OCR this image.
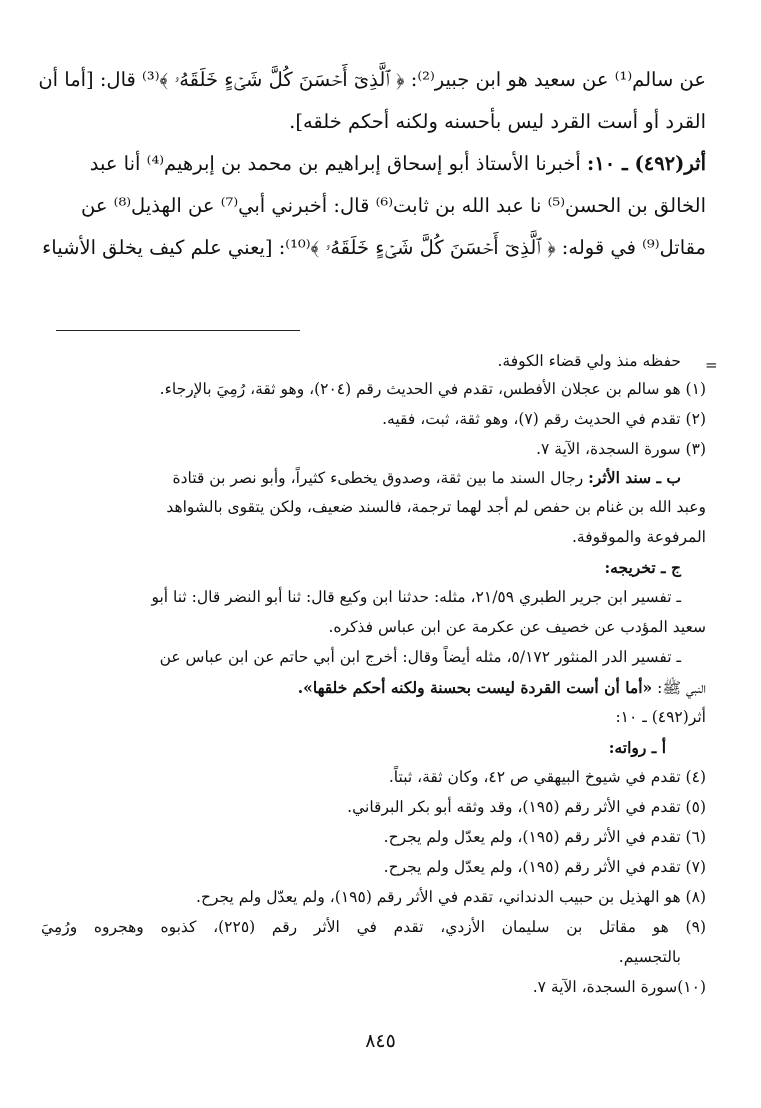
عن سالم⁽¹⁾ عن سعيد هو ابن جبير⁽²⁾: ﴿ ٱلَّذِىٓ أَحۡسَنَ كُلَّ شَىۡءٍ خَلَقَهُۥ ﴾⁽³⁾ قال: [أما أن
القرد أو أست القرد ليس بأحسنه ولكنه أحكم خلقه].
أثر(٤٩٢) ـ ١٠: أخبرنا الأستاذ أبو إسحاق إبراهيم بن محمد بن إبرهيم⁽⁴⁾ أنا عبد
الخالق بن الحسن⁽⁵⁾ نا عبد الله بن ثابت⁽⁶⁾ قال: أخبرني أبي⁽⁷⁾ عن الهذيل⁽⁸⁾ عن
مقاتل⁽⁹⁾ في قوله: ﴿ ٱلَّذِىٓ أَحۡسَنَ كُلَّ شَىۡءٍ خَلَقَهُۥ ﴾⁽¹⁰⁾: [يعني علم كيف يخلق الأشياء
=
حفظه منذ ولي قضاء الكوفة.
(١) هو سالم بن عجلان الأفطس، تقدم في الحديث رقم (٢٠٤)، وهو ثقة، رُمِيَ بالإرجاء.
(٢) تقدم في الحديث رقم (٧)، وهو ثقة، ثبت، فقيه.
(٣) سورة السجدة، الآية ٧.
ب ـ سند الأثر: رجال السند ما بين ثقة، وصدوق يخطىء كثيراً، وأبو نصر بن قتادة
وعبد الله بن غنام بن حفص لم أجد لهما ترجمة، فالسند ضعيف، ولكن يتقوى بالشواهد
المرفوعة والموقوفة.
ج ـ تخريجه:
ـ تفسير ابن جرير الطبري ٢١/٥٩، مثله: حدثنا ابن وكيع قال: ثنا أبو النضر قال: ثنا أبو
سعيد المؤدب عن خصيف عن عكرمة عن ابن عباس فذكره.
ـ تفسير الدر المنثور ٥/١٧٢، مثله أيضاً وقال: أخرج ابن أبي حاتم عن ابن عباس عن
النبي ﷺ: «أما أن أست القردة ليست بحسنة ولكنه أحكم خلقها».
أثر(٤٩٢) ـ ١٠:
أ ـ رواته:
(٤) تقدم في شيوخ البيهقي ص ٤٢، وكان ثقة، ثبتاً.
(٥) تقدم في الأثر رقم (١٩٥)، وقد وثقه أبو بكر البرقاني.
(٦) تقدم في الأثر رقم (١٩٥)، ولم يعدّل ولم يجرح.
(٧) تقدم في الأثر رقم (١٩٥)، ولم يعدّل ولم يجرح.
(٨) هو الهذيل بن حبيب الدنداني، تقدم في الأثر رقم (١٩٥)، ولم يعدّل ولم يجرح.
(٩) هو مقاتل بن سليمان الأزدي، تقدم في الأثر رقم (٢٢٥)، كذبوه وهجروه ورُمِيَ
بالتجسيم.
(١٠)سورة السجدة، الآية ٧.
٨٤٥
